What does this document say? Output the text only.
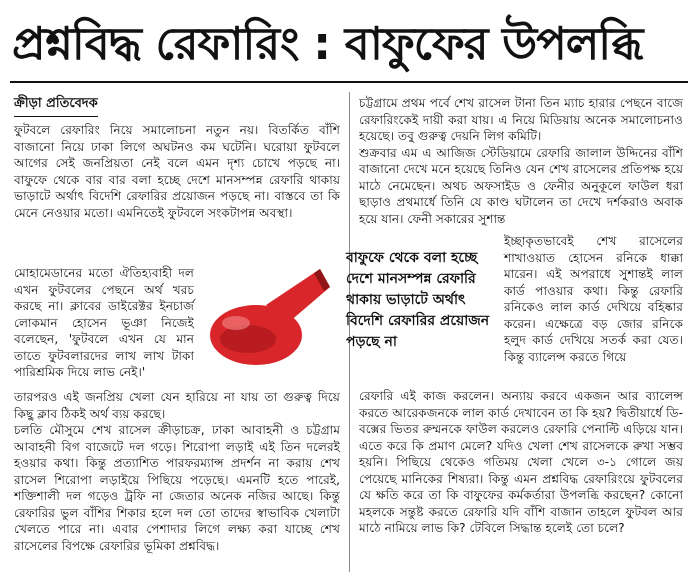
প্রশ্নবিদ্ধ রেফারিং : বাফুফের উপলব্ধি
ক্রীড়া প্রতিবেদক

ফুটবলে রেফারিং নিয়ে সমালোচনা নতুন নয়। বিতর্কিত বাঁশি বাজানো নিয়ে ঢাকা লিগে অঘটনও কম ঘটেনি। ঘরোয়া ফুটবলে আগের সেই জনপ্রিয়তা নেই বলে এমন দৃশ্য চোখে পড়ছে না। বাফুফে থেকে বার বার বলা হচ্ছে দেশে মানসম্পন্ন রেফারি থাকায় ভাড়াটে অর্থাৎ বিদেশি রেফারির প্রয়োজন পড়ছে না। বাস্তবে তা কি মেনে নেওয়ার মতো। এমনিতেই ফুটবলে সংকটাপন্ন অবস্থা।

মোহামেডানের মতো ঐতিহ্যবাহী দল এখন ফুটবলের পেছনে অর্থ খরচ করছে না। ক্লাবের ডাইরেক্টর ইনচার্জ লোকমান হোসেন ভূঞা নিজেই বলেছেন, 'ফুটবলে এখন যে মান তাতে ফুটবলারদের লাখ লাখ টাকা পারিশ্রমিক দিয়ে লাভ নেই।'
বাফুফে থেকে বলা হচ্ছে দেশে মানসম্পন্ন রেফারি থাকায় ভাড়াটে অর্থাৎ বিদেশি রেফারির প্রয়োজন পড়ছে না

চট্টগ্রামে প্রথম পর্বে শেখ রাসেল টানা তিন ম্যাচ হারার পেছনে বাজে রেফারিংকেই দায়ী করা যায়। এ নিয়ে মিডিয়ায় অনেক সমালোচনাও হয়েছে। তবু গুরুত্ব দেয়নি লিগ কমিটি।

শুক্রবার এম এ আজিজ স্টেডিয়ামে রেফারি জালাল উদ্দিনের বাঁশি বাজানো দেখে মনে হয়েছে তিনিও যেন শেখ রাসেলের প্রতিপক্ষ হয়ে মাঠে নেমেছেন। অথচ অফসাইড ও ফেনীর অনুকূলে ফাউল ধরা ছাড়াও প্রথমার্ধে তিনি যে কাণ্ড ঘটালেন তা দেখে দর্শকরাও অবাক হয়ে যান। ফেনী সকারের সুশান্ত

ইচ্ছাকৃতভাবেই শেখ রাসেলের শাখাওয়াত হোসেন রনিকে ধাক্কা মারেন। এই অপরাধে সুশান্তই লাল কার্ড পাওয়ার কথা। কিন্তু রেফারি রনিকেও লাল কার্ড দেখিয়ে বহিষ্কার করেন। এক্ষেত্রে বড় জোর রনিকে হলুদ কার্ড দেখিয়ে সতর্ক করা যেত। কিন্তু ব্যালেন্স করতে গিয়ে

তারপরও এই জনপ্রিয় খেলা যেন হারিয়ে না যায় তা গুরুত্ব দিয়ে কিছু ক্লাব ঠিকই অর্থ ব্যয় করছে।

চলতি মৌসুমে শেখ রাসেল ক্রীড়াচক্র, ঢাকা আবাহনী ও চট্টগ্রাম আবাহনী বিগ বাজেটে দল গড়ে। শিরোপা লড়াই এই তিন দলেরই হওয়ার কথা। কিন্তু প্রত্যাশিত পারফরম্যান্স প্রদর্শন না করায় শেখ রাসেল শিরোপা লড়াইয়ে পিছিয়ে পড়েছে। এমনটি হতে পারেই, শক্তিশালী দল গড়েও ট্রফি না জেতার অনেক নজির আছে। কিন্তু রেফারির ভুল বাঁশির শিকার হলে দল তো তাদের স্বাভাবিক খেলাটা খেলতে পারে না। এবার পেশাদার লিগে লক্ষ্য করা যাচ্ছে শেখ রাসেলের বিপক্ষে রেফারির ভূমিকা প্রশ্নবিদ্ধ।

রেফারি এই কাজ করলেন। অন্যায় করবে একজন আর ব্যালেন্স করতে আরেকজনকে লাল কার্ড দেখাবেন তা কি হয়? দ্বিতীয়ার্ধে ডি-বক্সের ভিতর রুম্মনকে ফাউল করলেও রেফারি পেনাল্টি এড়িয়ে যান। এতে করে কি প্রমাণ মেলে? যদিও খেলা শেখ রাসেলকে রুখা সম্ভব হয়নি। পিছিয়ে থেকেও গতিময় খেলা খেলে ৩-১ গোলে জয় পেয়েছে মানিকের শিষ্যরা। কিন্তু এমন প্রশ্নবিদ্ধ রেফারিংয়ে ফুটবলের যে ক্ষতি করে তা কি বাফুফের কর্মকর্তারা উপলব্ধি করছেন? কোনো মহলকে সন্তুষ্ট করতে রেফারি যদি বাঁশি বাজান তাহলে ফুটবল আর মাঠে নামিয়ে লাভ কি? টেবিলে সিদ্ধান্ত হলেই তো চলে?
